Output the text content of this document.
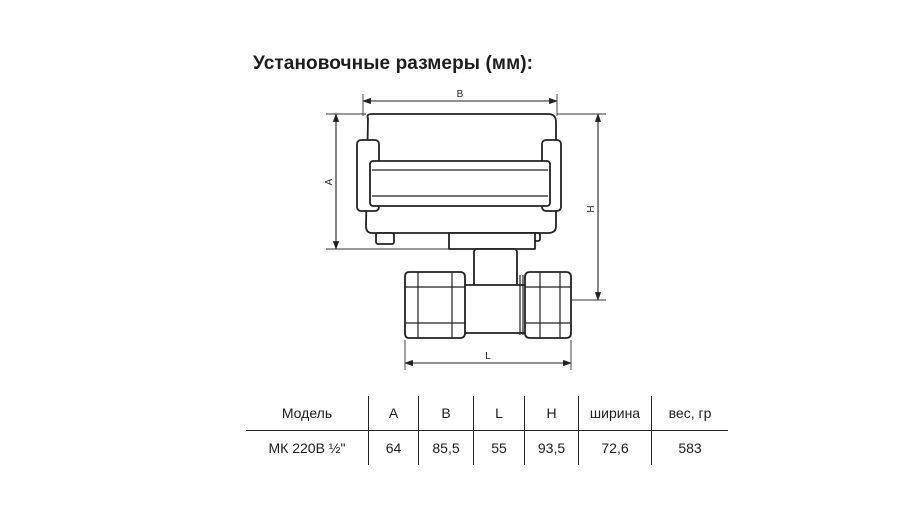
Установочные размеры (мм):
B
A
H
L
Модель	A	B	L	H	ширина	вес, гр
МК 220В ½"	64	85,5	55	93,5	72,6	583
